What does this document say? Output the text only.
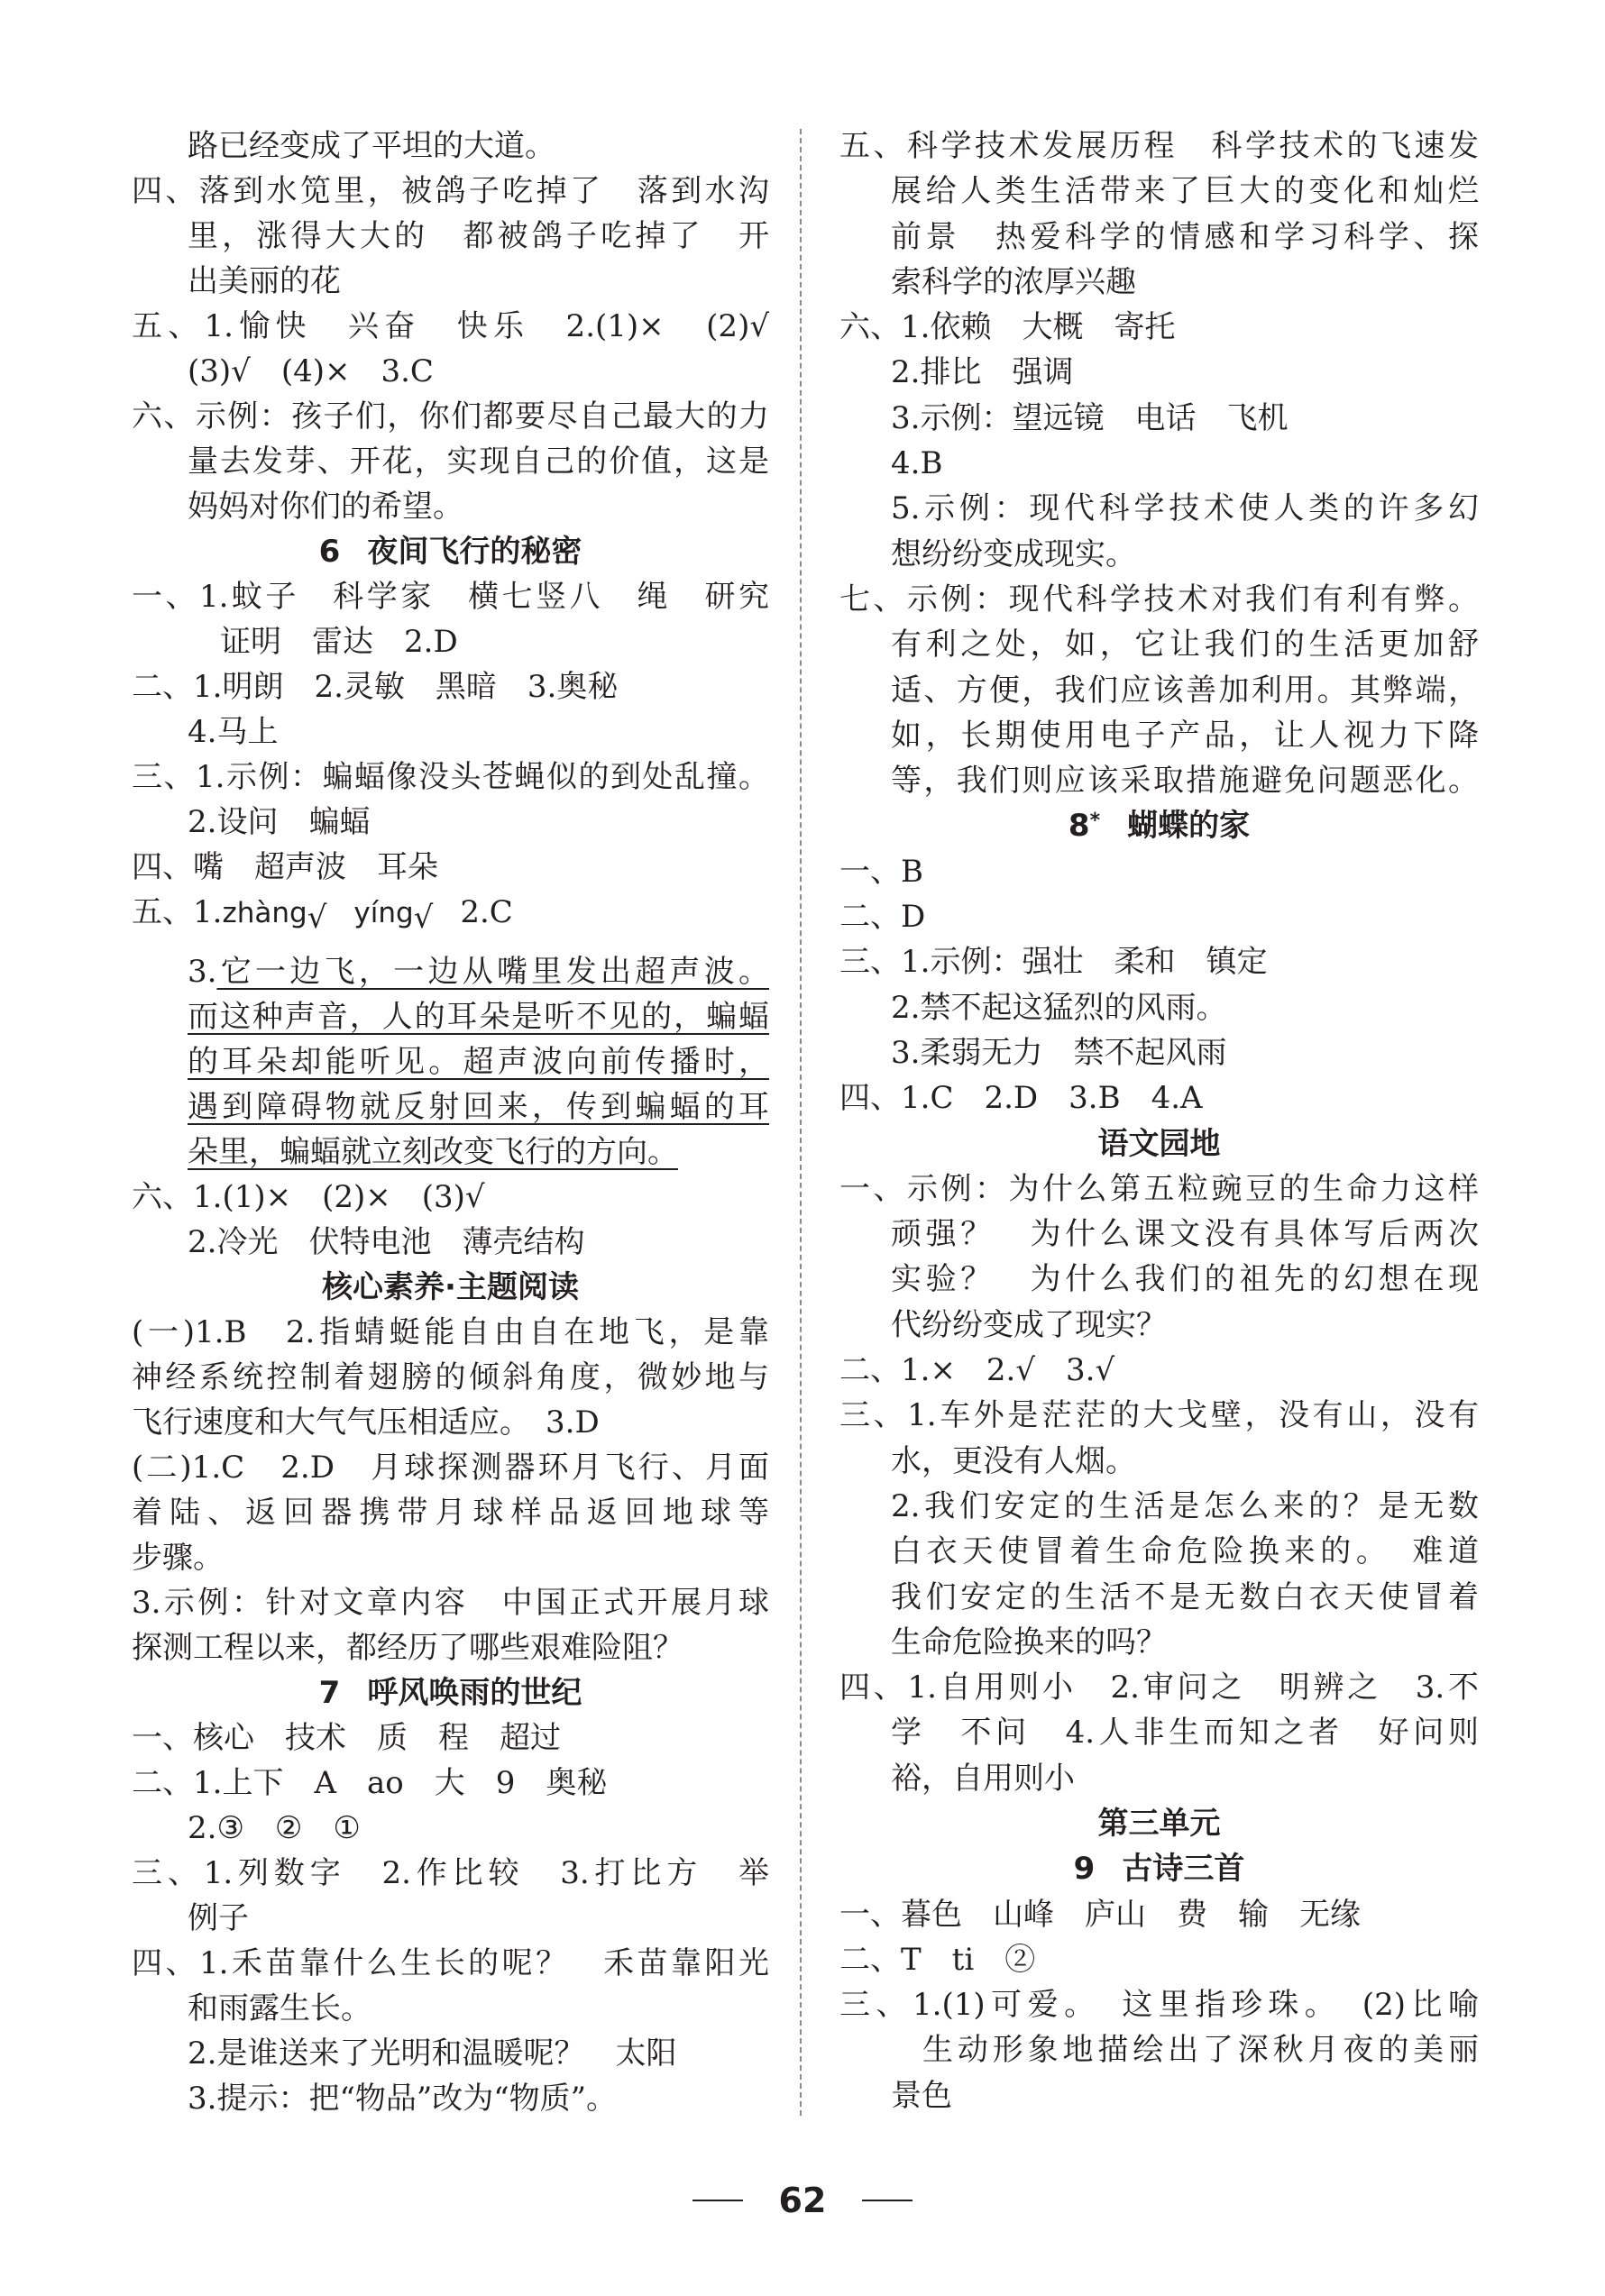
路已经变成了平坦的大道。
四、落到水笕里，被鸽子吃掉了　落到水沟
里，涨得大大的　都被鸽子吃掉了　开
出美丽的花
五、1.愉快　兴奋　快乐　2.(1)×　(2)√
(3)√　(4)×　3.C
六、示例：孩子们，你们都要尽自己最大的力
量去发芽、开花，实现自己的价值，这是
妈妈对你们的希望。
6 夜间飞行的秘密
一、1.蚊子　科学家　横七竖八　绳　研究
证明　雷达　2.D
二、1.明朗　2.灵敏　黑暗　3.奥秘
4.马上
三、1.示例：蝙蝠像没头苍蝇似的到处乱撞。
2.设问　蝙蝠
四、嘴　超声波　耳朵
五、1.zhàng√ yíng√ 2.C
3.它一边飞，一边从嘴里发出超声波。
而这种声音，人的耳朵是听不见的，蝙蝠
的耳朵却能听见。超声波向前传播时，
遇到障碍物就反射回来，传到蝙蝠的耳
朵里，蝙蝠就立刻改变飞行的方向。
六、1.(1)×　(2)×　(3)√
2.冷光　伏特电池　薄壳结构
核心素养·主题阅读
(一)1.B　2.指蜻蜓能自由自在地飞，是靠
神经系统控制着翅膀的倾斜角度，微妙地与
飞行速度和大气气压相适应。　3.D
(二)1.C　2.D　月球探测器环月飞行、月面
着陆、返回器携带月球样品返回地球等
步骤。
3.示例：针对文章内容　中国正式开展月球
探测工程以来，都经历了哪些艰难险阻？
7 呼风唤雨的世纪
一、核心　技术　质　程　超过
二、1.上下　A　ao　大　9　奥秘
2.③　②　①
三、1.列数字　2.作比较　3.打比方　举
例子
四、1.禾苗靠什么生长的呢？　禾苗靠阳光
和雨露生长。
2.是谁送来了光明和温暖呢？　太阳
3.提示：把“物品”改为“物质”。
五、科学技术发展历程　科学技术的飞速发
展给人类生活带来了巨大的变化和灿烂
前景　热爱科学的情感和学习科学、探
索科学的浓厚兴趣
六、1.依赖　大概　寄托
2.排比　强调
3.示例：望远镜　电话　飞机
4.B
5.示例：现代科学技术使人类的许多幻
想纷纷变成现实。
七、示例：现代科学技术对我们有利有弊。
有利之处，如，它让我们的生活更加舒
适、方便，我们应该善加利用。其弊端，
如，长期使用电子产品，让人视力下降
等，我们则应该采取措施避免问题恶化。
8* 蝴蝶的家
一、B
二、D
三、1.示例：强壮　柔和　镇定
2.禁不起这猛烈的风雨。
3.柔弱无力　禁不起风雨
四、1.C　2.D　3.B　4.A
语文园地
一、示例：为什么第五粒豌豆的生命力这样
顽强？　为什么课文没有具体写后两次
实验？　为什么我们的祖先的幻想在现
代纷纷变成了现实？
二、1.×　2.√　3.√
三、1.车外是茫茫的大戈壁，没有山，没有
水，更没有人烟。
2.我们安定的生活是怎么来的？是无数
白衣天使冒着生命危险换来的。　难道
我们安定的生活不是无数白衣天使冒着
生命危险换来的吗？
四、1.自用则小　2.审问之　明辨之　3.不
学　不问　4.人非生而知之者　好问则
裕，自用则小
第三单元
9 古诗三首
一、暮色　山峰　庐山　费　输　无缘
二、T　ti　②
三、1.(1)可爱。　这里指珍珠。　(2)比喻
生动形象地描绘出了深秋月夜的美丽
景色
62
